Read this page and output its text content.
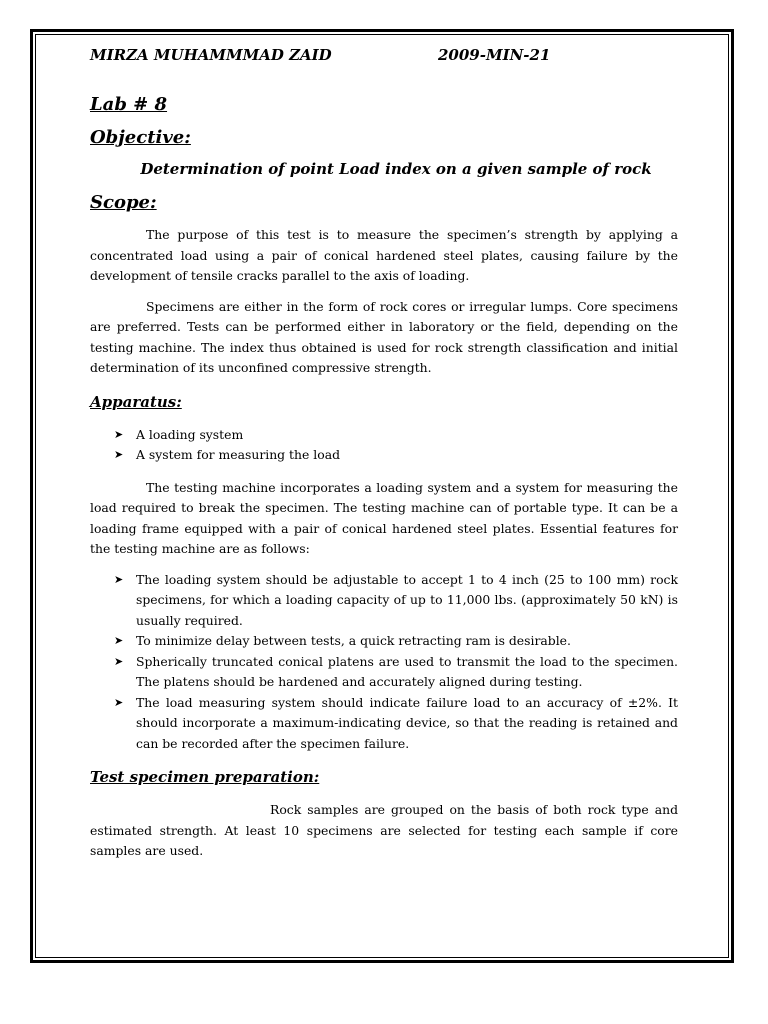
MIRZA MUHAMMMAD ZAID	2009-MIN-21
Lab # 8
Objective:
Determination of point Load index on a given sample of rock
Scope:

The purpose of this test is to measure the specimen’s strength by applying a concentrated load using a pair of conical hardened steel plates, causing failure by the development of tensile cracks parallel to the axis of loading.

Specimens are either in the form of rock cores or irregular lumps. Core specimens are preferred. Tests can be performed either in laboratory or the field, depending on the testing machine. The index thus obtained is used for rock strength classification and initial determination of its unconfined compressive strength.

Apparatus:
➤ A loading system
➤ A system for measuring the load

The testing machine incorporates a loading system and a system for measuring the load required to break the specimen. The testing machine can of portable type. It can be a loading frame equipped with a pair of conical hardened steel plates. Essential features for the testing machine are as follows:

➤ The loading system should be adjustable to accept 1 to 4 inch (25 to 100 mm) rock specimens, for which a loading capacity of up to 11,000 lbs. (approximately 50 kN) is usually required.
➤ To minimize delay between tests, a quick retracting ram is desirable.
➤ Spherically truncated conical platens are used to transmit the load to the specimen. The platens should be hardened and accurately aligned during testing.
➤ The load measuring system should indicate failure load to an accuracy of ±2%. It should incorporate a maximum-indicating device, so that the reading is retained and can be recorded after the specimen failure.
Test specimen preparation:

Rock samples are grouped on the basis of both rock type and estimated strength. At least 10 specimens are selected for testing each sample if core samples are used.
